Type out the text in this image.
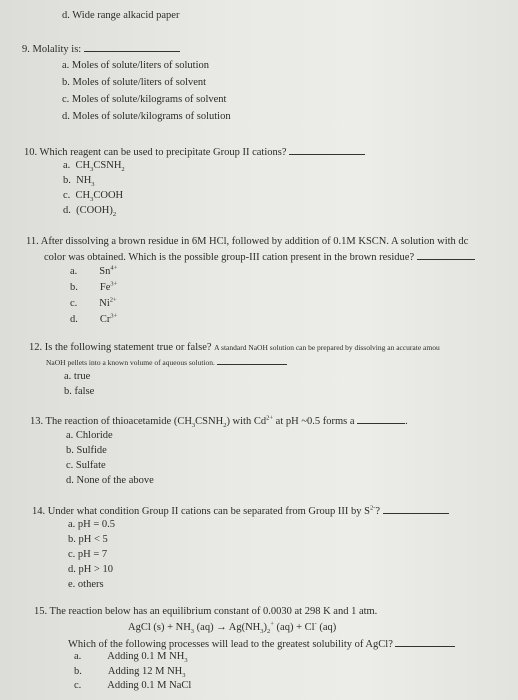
d. Wide range alkacid paper
9. Molality is:
a. Moles of solute/liters of solution
b. Moles of solute/liters of solvent
c. Moles of solute/kilograms of solvent
d. Moles of solute/kilograms of solution
10. Which reagent can be used to precipitate Group II cations?
a. $CH_3CSNH_2$
b. $NH_3$
c. $CH_3COOH$
d. $(COOH)_2$
11. After dissolving a brown residue in 6M HCl, followed by addition of 0.1M KSCN. A solution with dc
color was obtained. Which is the possible group-III cation present in the brown residue?
a. $Sn^{4+}$
b. $Fe^{3+}$
c. $Ni^{2+}$
d. $Cr^{3+}$
12. Is the following statement true or false? A standard NaOH solution can be prepared by dissolving an accurate amou
NaOH pellets into a known volume of aqueous solution.
a. true
b. false
13. The reaction of thioacetamide $(CH_3CSNH_2)$ with $Cd^{2+}$ at pH ~0.5 forms a	.
a. Chloride
b. Sulfide
c. Sulfate
d. None of the above
14. Under what condition Group II cations can be separated from Group III by $S^{2-}$?
a. pH = 0.5
b. pH < 5
c. pH = 7
d. pH > 10
e. others
15. The reaction below has an equilibrium constant of 0.0030 at 298 K and 1 atm.
AgCl $(s) + NH_3$ $(aq) \to Ag(NH_3)_2^+$ (aq) + Cl- (aq)
Which of the following processes will lead to the greatest solubility of AgCl?
a. Adding 0.1 M $NH_3$
b. Adding 12 M $NH_3$
c. Adding 0.1 M NaCl
